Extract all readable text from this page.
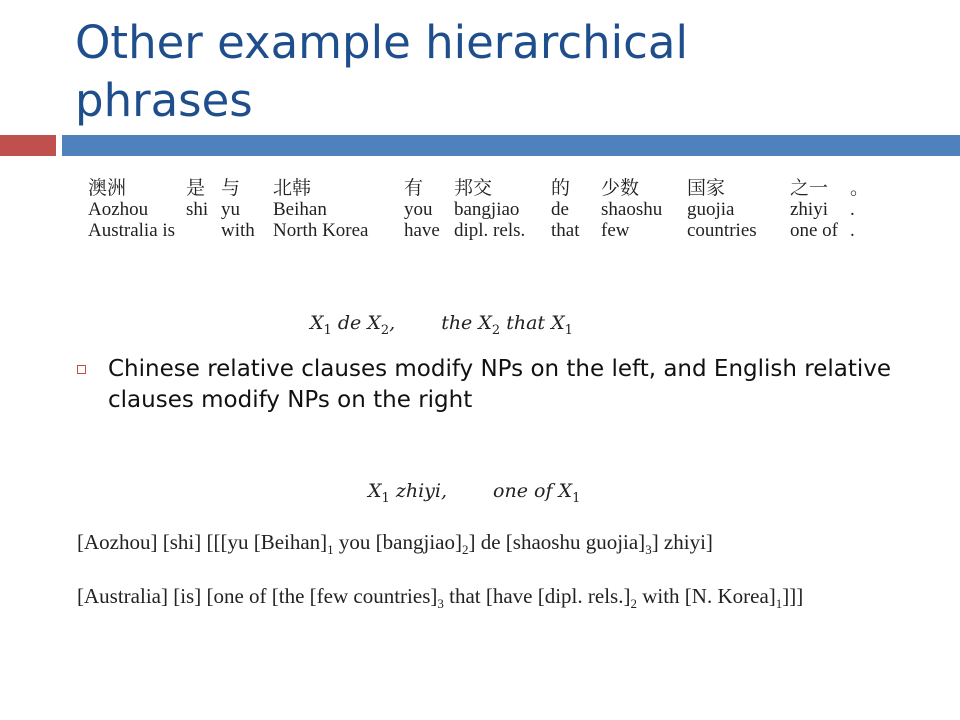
Other example hierarchical phrases
澳洲
Aozhou
Australia is
是
shi
与
yu
with
北韩
Beihan
North Korea
有
you
have
邦交
bangjiao
dipl. rels.
的
de
that
少数
shaoshu
few
国家
guojia
countries
之一
zhiyi
one of
。
.
.
$X_1$ de $X_2$, the $X_2$ that $X_1$

Chinese relative clauses modify NPs on the left, and English relative clauses modify NPs on the right

$X_1$ zhiyi, one of $X_1$
[Aozhou] [shi] [[[yu $[Beihan]_1$ you $[bangjiao]_2$] de [shaoshu $guojia]_3$] zhiyi]
[Australia] [is] [one of [the [few $countries]_3$ that [have [dipl. $rels.]_2$ with [N. $Korea]_1$]]]
